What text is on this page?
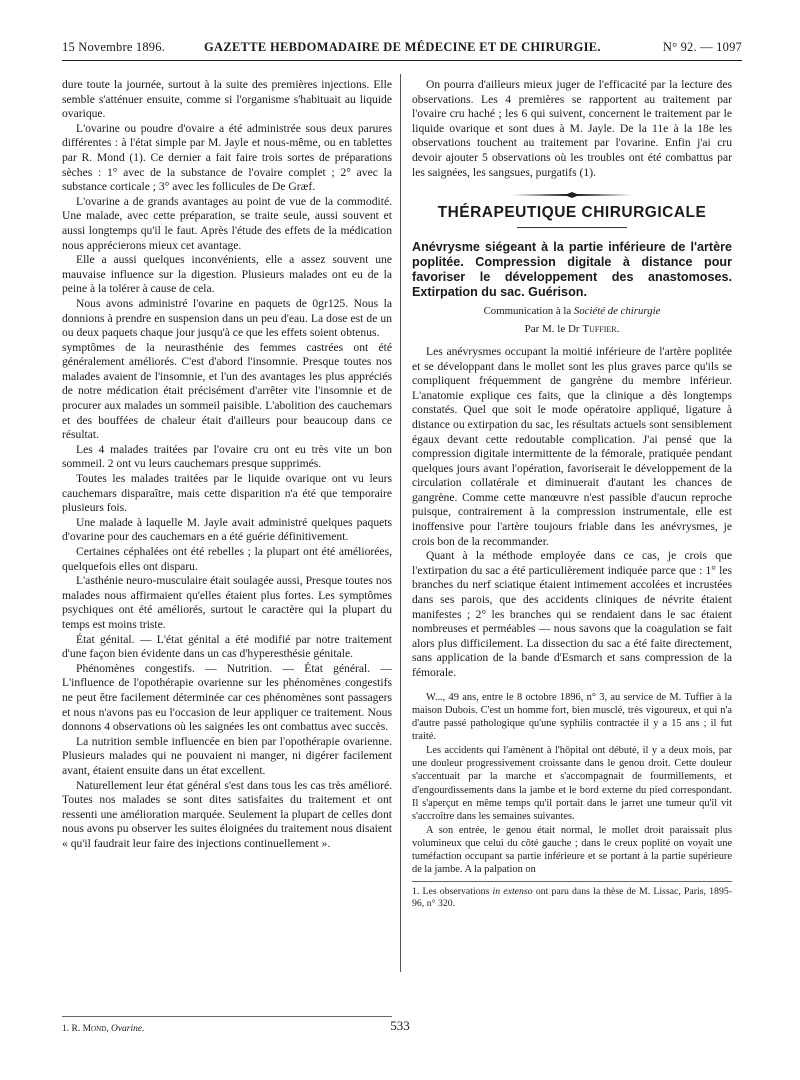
15 Novembre 1896.	GAZETTE HEBDOMADAIRE DE MÉDECINE ET DE CHIRURGIE.	N° 92. — 1097

dure toute la journée, surtout à la suite des premières injections. Elle semble s'atténuer ensuite, comme si l'organisme s'habituait au liquide ovarique.

L'ovarine ou poudre d'ovaire a été administrée sous deux parures différentes : à l'état simple par M. Jayle et nous-même, ou en tablettes par R. Mond (1). Ce dernier a fait faire trois sortes de préparations sèches : 1° avec de la substance de l'ovaire complet ; 2° avec la substance corticale ; 3° avec les follicules de De Græf.

L'ovarine a de grands avantages au point de vue de la commodité. Une malade, avec cette préparation, se traite seule, aussi souvent et aussi longtemps qu'il le faut. Après l'étude des effets de la médication nous apprécierons mieux cet avantage.

Elle a aussi quelques inconvénients, elle a assez souvent une mauvaise influence sur la digestion. Plusieurs malades ont eu de la peine à la tolérer à cause de cela.

Nous avons administré l'ovarine en paquets de 0gr125. Nous la donnions à prendre en suspension dans un peu d'eau. La dose est de un ou deux paquets chaque jour jusqu'à ce que les effets soient obtenus.

symptômes de la neurasthénie des femmes castrées ont été généralement améliorés. C'est d'abord l'insomnie. Presque toutes nos malades avaient de l'insomnie, et l'un des avantages les plus appréciés de notre médication était précisément d'arrêter vite l'insomnie et de procurer aux malades un sommeil paisible. L'abolition des cauchemars et des bouffées de chaleur était d'ailleurs pour beaucoup dans ce résultat.

Les 4 malades traitées par l'ovaire cru ont eu très vite un bon sommeil. 2 ont vu leurs cauchemars presque supprimés.

Toutes les malades traitées par le liquide ovarique ont vu leurs cauchemars disparaître, mais cette disparition n'a été que temporaire plusieurs fois.

Une malade à laquelle M. Jayle avait administré quelques paquets d'ovarine pour des cauchemars en a été guérie définitivement.

Certaines céphalées ont été rebelles ; la plupart ont été améliorées, quelquefois elles ont disparu.

L'asthénie neuro-musculaire était soulagée aussi, Presque toutes nos malades nous affirmaient qu'elles étaient plus fortes. Les symptômes psychiques ont été améliorés, surtout le caractère qui la plupart du temps est moins triste.

État génital. — L'état génital a été modifié par notre traitement d'une façon bien évidente dans un cas d'hyperesthésie génitale.

Phénomènes congestifs. — Nutrition. — État général. — L'influence de l'opothérapie ovarienne sur les phénomènes congestifs ne peut être facilement déterminée car ces phénomènes sont passagers et nous n'avons pas eu l'occasion de leur appliquer ce traitement. Nous donnons 4 observations où les saignées les ont combattus avec succès.

La nutrition semble influencée en bien par l'opothérapie ovarienne. Plusieurs malades qui ne pouvaient ni manger, ni digérer facilement avant, étaient ensuite dans un état excellent.

Naturellement leur état général s'est dans tous les cas très amélioré. Toutes nos malades se sont dites satisfaites du traitement et ont ressenti une amélioration marquée. Seulement la plupart de celles dont nous avons pu observer les suites éloignées du traitement nous disaient « qu'il faudrait leur faire des injections continuellement ».

1. R. Mond, Ovarine.

On pourra d'ailleurs mieux juger de l'efficacité par la lecture des observations. Les 4 premières se rapportent au traitement par l'ovaire cru haché ; les 6 qui suivent, concernent le traitement par le liquide ovarique et sont dues à M. Jayle. De la 11e à la 18e les observations touchent au traitement par l'ovarine. Enfin j'ai cru devoir ajouter 5 observations où les troubles ont été combattus par les saignées, les sangsues, purgatifs (1).

THÉRAPEUTIQUE CHIRURGICALE

Anévrysme siégeant à la partie inférieure de l'artère poplitée. Compression digitale à distance pour favoriser le développement des anastomoses. Extirpation du sac. Guérison.

Communication à la Société de chirurgie
Par M. le Dr Tuffier.

Les anévrysmes occupant la moitié inférieure de l'artère poplitée et se développant dans le mollet sont les plus graves parce qu'ils se compliquent fréquemment de gangrène du membre inférieur. L'anatomie explique ces faits, que la clinique a dès longtemps constatés. Quel que soit le mode opératoire appliqué, ligature à distance ou extirpation du sac, les résultats actuels sont sensiblement égaux devant cette redoutable complication. J'ai pensé que la compression digitale intermittente de la fémorale, pratiquée pendant quelques jours avant l'opération, favoriserait le développement de la circulation collatérale et diminuerait d'autant les chances de gangrène. Comme cette manœuvre n'est passible d'aucun reproche puisque, contrairement à la compression instrumentale, elle est inoffensive pour l'artère toujours friable dans les anévrysmes, je crois bon de la recommander.

Quant à la méthode employée dans ce cas, je crois que l'extirpation du sac a été particulièrement indiquée parce que : 1° les branches du nerf sciatique étaient intimement accolées et incrustées dans ses parois, que des accidents cliniques de névrite étaient manifestes ; 2° les branches qui se rendaient dans le sac étaient nombreuses et perméables — nous savons que la coagulation se fait alors plus difficilement. La dissection du sac a été faite directement, sans application de la bande d'Esmarch et sans compression de la fémorale.

W..., 49 ans, entre le 8 octobre 1896, n° 3, au service de M. Tuffier à la maison Dubois. C'est un homme fort, bien musclé, très vigoureux, et qui n'a d'autre passé pathologique qu'une syphilis contractée il y a 15 ans ; il fut traité.

Les accidents qui l'amènent à l'hôpital ont débuté, il y a deux mois, par une douleur progressivement croissante dans le genou droit. Cette douleur s'accentuait par la marche et s'accompagnait de fourmillements, et d'engourdissements dans la jambe et le bord externe du pied correspondant. Il s'aperçut en même temps qu'il portait dans le jarret une tumeur qu'il vit s'accroître dans les semaines suivantes.

A son entrée, le genou était normal, le mollet droit paraissait plus volumineux que celui du côté gauche ; dans le creux poplité on voyait une tuméfaction occupant sa partie inférieure et se portant à la partie supérieure de la jambe. A la palpation on

1. Les observations in extenso ont paru dans la thèse de M. Lissac, Paris, 1895-96, n° 320.
533
